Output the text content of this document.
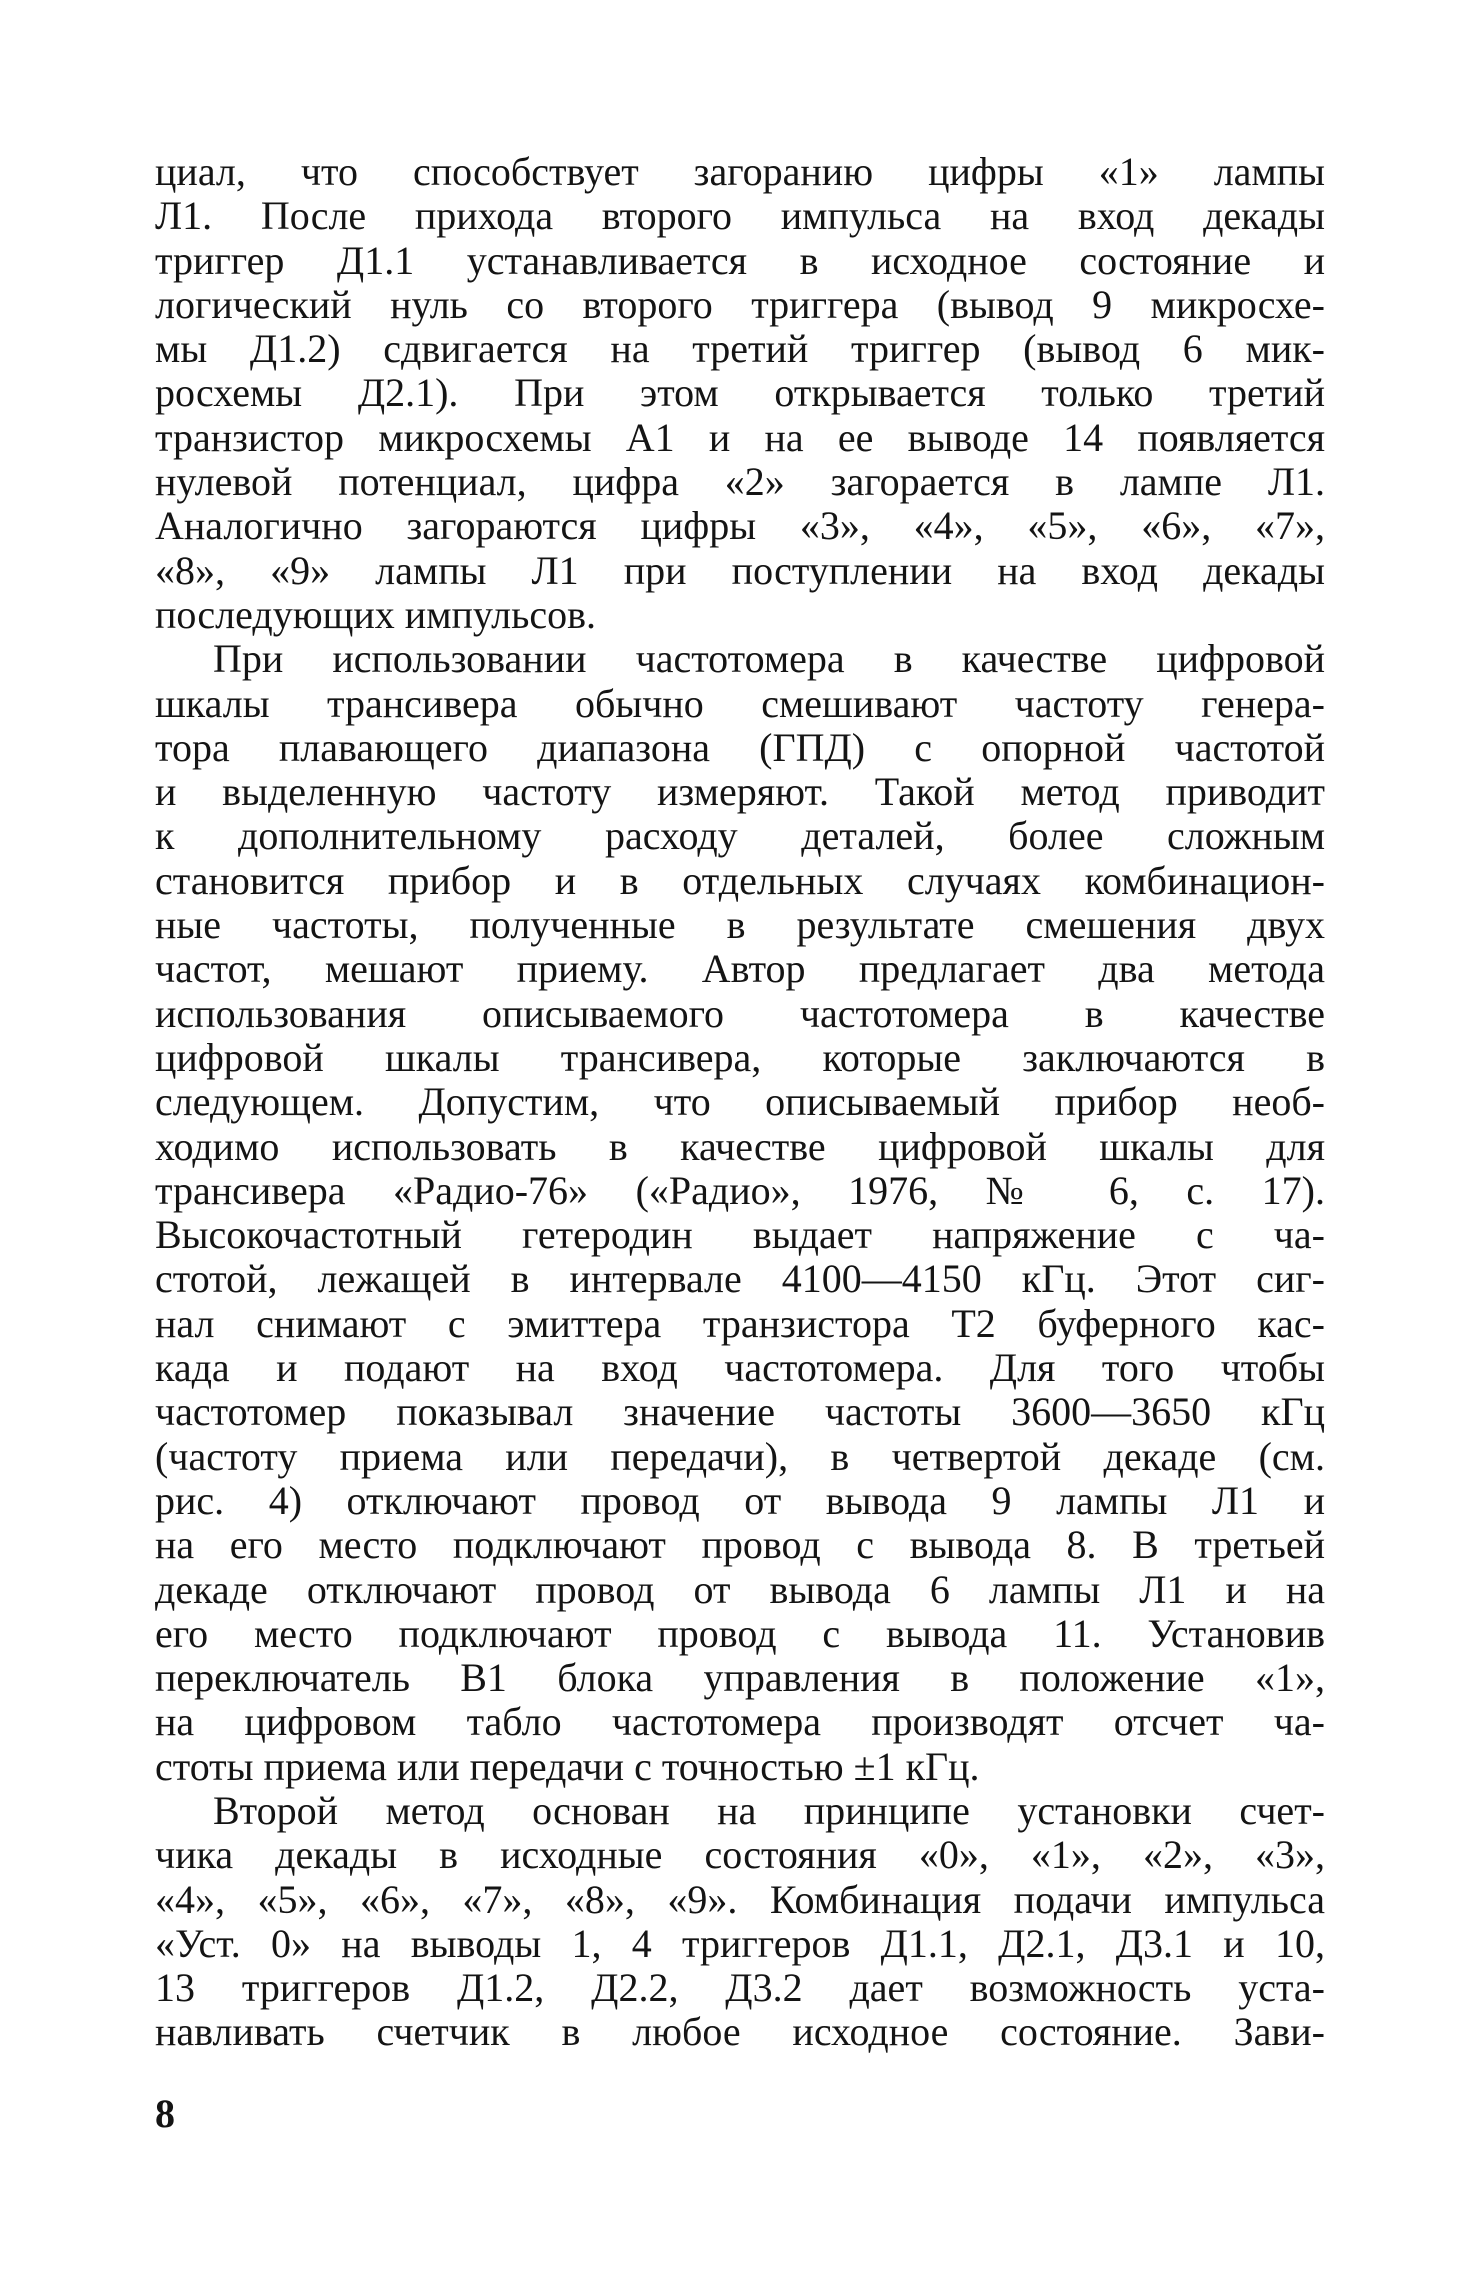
циал, что способствует загоранию цифры «1» лампы
Л1. После прихода второго импульса на вход декады
триггер Д1.1 устанавливается в исходное состояние и
логический нуль со второго триггера (вывод 9 микросхе-
мы Д1.2) сдвигается на третий триггер (вывод 6 мик-
росхемы Д2.1). При этом открывается только третий
транзистор микросхемы А1 и на ее выводе 14 появляется
нулевой потенциал, цифра «2» загорается в лампе Л1.
Аналогично загораются цифры «3», «4», «5», «6», «7»,
«8», «9» лампы Л1 при поступлении на вход декады
последующих импульсов.
При использовании частотомера в качестве цифровой
шкалы трансивера обычно смешивают частоту генера-
тора плавающего диапазона (ГПД) с опорной частотой
и выделенную частоту измеряют. Такой метод приводит
к дополнительному расходу деталей, более сложным
становится прибор и в отдельных случаях комбинацион-
ные частоты, полученные в результате смешения двух
частот, мешают приему. Автор предлагает два метода
использования описываемого частотомера в качестве
цифровой шкалы трансивера, которые заключаются в
следующем. Допустим, что описываемый прибор необ-
ходимо использовать в качестве цифровой шкалы для
трансивера «Радио-76» («Радио», 1976, № 6, с. 17).
Высокочастотный гетеродин выдает напряжение с ча-
стотой, лежащей в интервале 4100—4150 кГц. Этот сиг-
нал снимают с эмиттера транзистора Т2 буферного кас-
када и подают на вход частотомера. Для того чтобы
частотомер показывал значение частоты 3600—3650 кГц
(частоту приема или передачи), в четвертой декаде (см.
рис. 4) отключают провод от вывода 9 лампы Л1 и
на его место подключают провод с вывода 8. В третьей
декаде отключают провод от вывода 6 лампы Л1 и на
его место подключают провод с вывода 11. Установив
переключатель В1 блока управления в положение «1»,
на цифровом табло частотомера производят отсчет ча-
стоты приема или передачи с точностью ±1 кГц.
Второй метод основан на принципе установки счет-
чика декады в исходные состояния «0», «1», «2», «3»,
«4», «5», «6», «7», «8», «9». Комбинация подачи импульса
«Уст. 0» на выводы 1, 4 триггеров Д1.1, Д2.1, Д3.1 и 10,
13 триггеров Д1.2, Д2.2, Д3.2 дает возможность уста-
навливать счетчик в любое исходное состояние. Зави-
8
